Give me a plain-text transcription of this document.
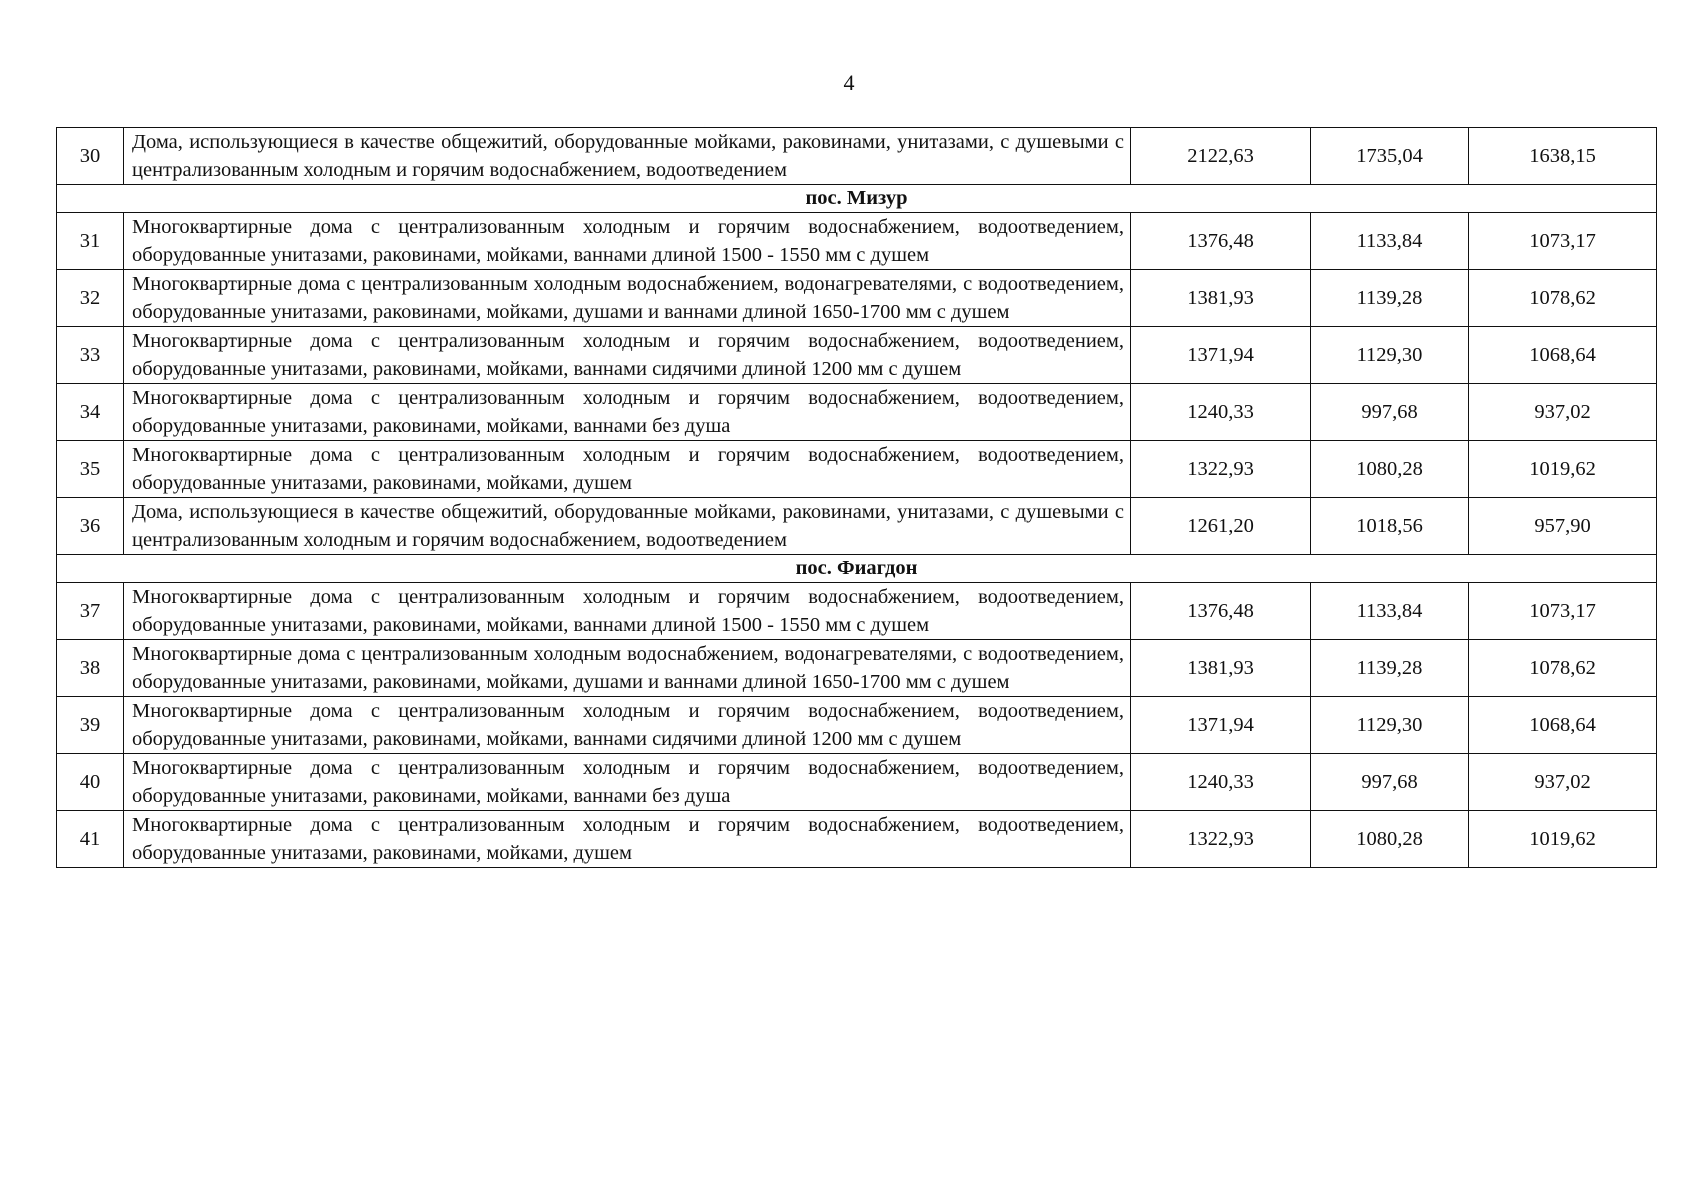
4
30	Дома, использующиеся в качестве общежитий, оборудованные мойками, раковинами, унитазами, с душевыми с централизованным холодным и горячим водоснабжением, водоотведением	2122,63	1735,04	1638,15
пос. Мизур				
31	Многоквартирные дома с централизованным холодным и горячим водоснабжением, водоотведением, оборудованные унитазами, раковинами, мойками, ваннами длиной 1500 - 1550 мм с душем	1376,48	1133,84	1073,17
32	Многоквартирные дома с централизованным холодным водоснабжением, водонагревателями, с водоотведением, оборудованные унитазами, раковинами, мойками, душами и ваннами длиной 1650-1700 мм с душем	1381,93	1139,28	1078,62
33	Многоквартирные дома с централизованным холодным и горячим водоснабжением, водоотведением, оборудованные унитазами, раковинами, мойками, ваннами сидячими длиной 1200 мм с душем	1371,94	1129,30	1068,64
34	Многоквартирные дома с централизованным холодным и горячим водоснабжением, водоотведением, оборудованные унитазами, раковинами, мойками, ваннами без душа	1240,33	997,68	937,02
35	Многоквартирные дома с централизованным холодным и горячим водоснабжением, водоотведением, оборудованные унитазами, раковинами, мойками, душем	1322,93	1080,28	1019,62
36	Дома, использующиеся в качестве общежитий, оборудованные мойками, раковинами, унитазами, с душевыми с централизованным холодным и горячим водоснабжением, водоотведением	1261,20	1018,56	957,90
пос. Фиагдон				
37	Многоквартирные дома с централизованным холодным и горячим водоснабжением, водоотведением, оборудованные унитазами, раковинами, мойками, ваннами длиной 1500 - 1550 мм с душем	1376,48	1133,84	1073,17
38	Многоквартирные дома с централизованным холодным водоснабжением, водонагревателями, с водоотведением, оборудованные унитазами, раковинами, мойками, душами и ваннами длиной 1650-1700 мм с душем	1381,93	1139,28	1078,62
39	Многоквартирные дома с централизованным холодным и горячим водоснабжением, водоотведением, оборудованные унитазами, раковинами, мойками, ваннами сидячими длиной 1200 мм с душем	1371,94	1129,30	1068,64
40	Многоквартирные дома с централизованным холодным и горячим водоснабжением, водоотведением, оборудованные унитазами, раковинами, мойками, ваннами без душа	1240,33	997,68	937,02
41	Многоквартирные дома с централизованным холодным и горячим водоснабжением, водоотведением, оборудованные унитазами, раковинами, мойками, душем	1322,93	1080,28	1019,62
